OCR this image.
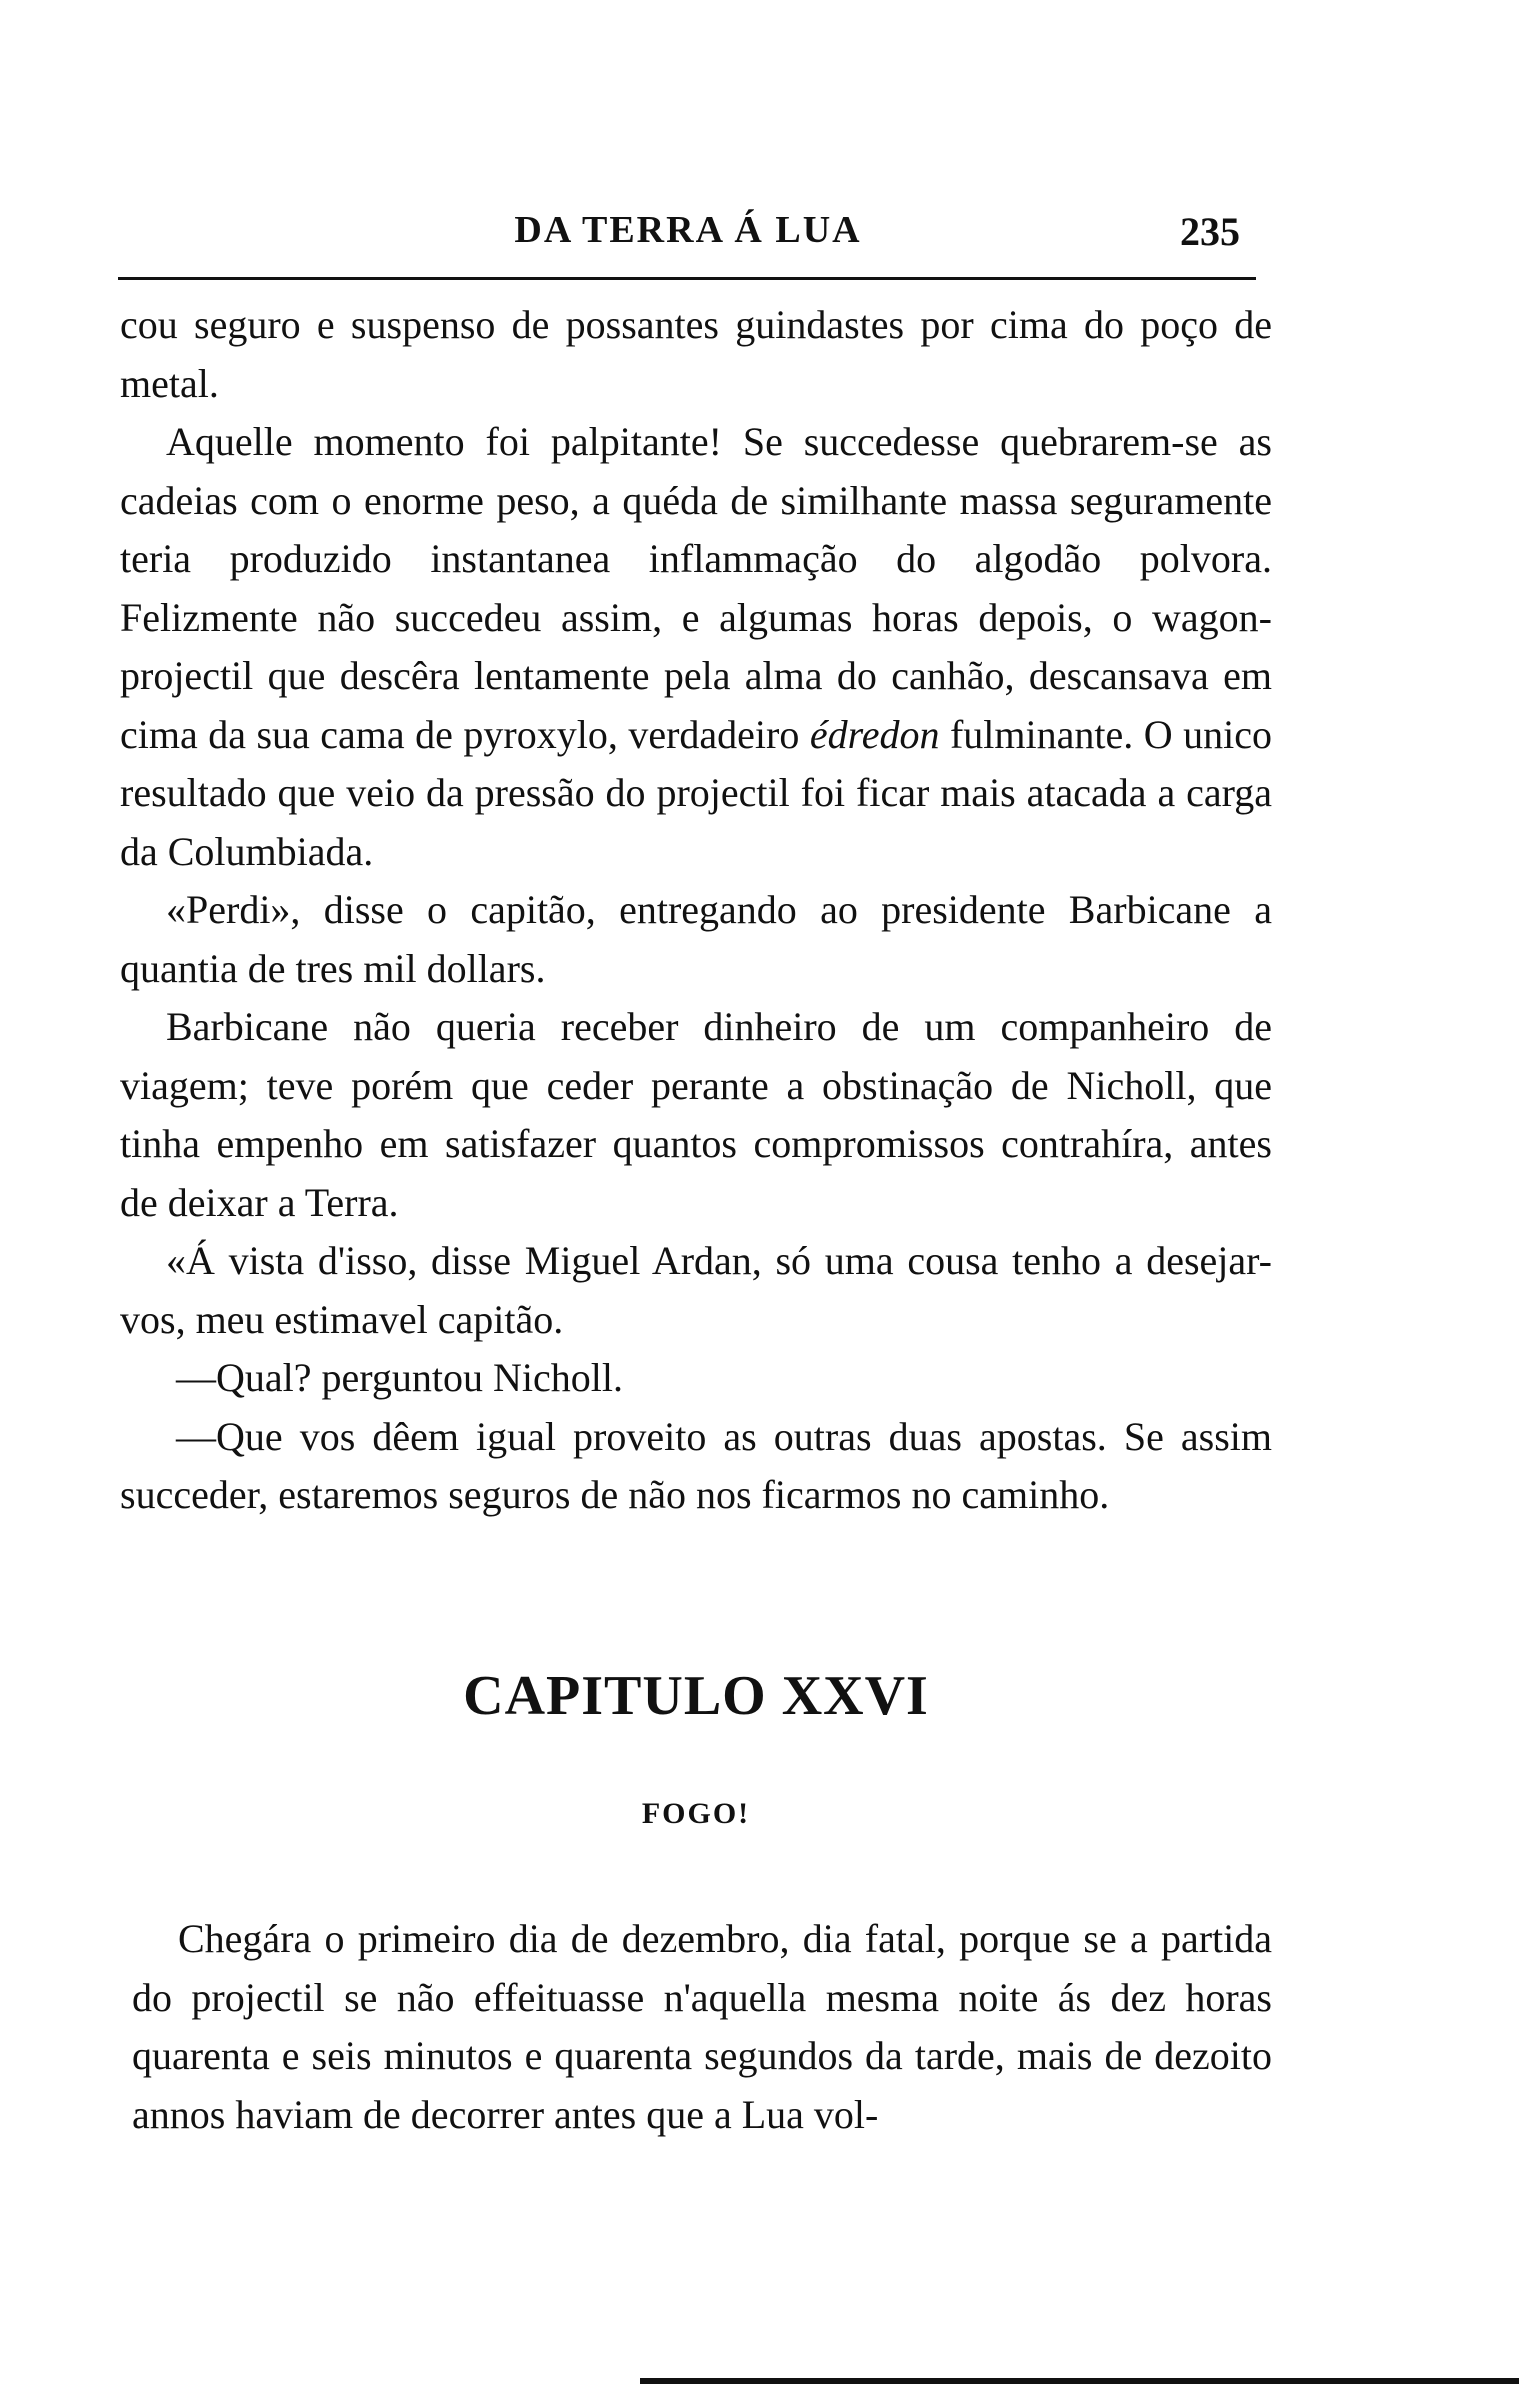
DA TERRA Á LUA	235

cou seguro e suspenso de possantes guindastes por cima do poço de metal.

Aquelle momento foi palpitante! Se succedesse quebrarem-se as cadeias com o enorme peso, a quéda de similhante massa seguramente teria produzido instantanea inflammação do algodão polvora. Felizmente não succedeu assim, e algumas horas depois, o wagon-projectil que descêra lentamente pela alma do canhão, descansava em cima da sua cama de pyroxylo, verdadeiro édredon fulminante. O unico resultado que veio da pressão do projectil foi ficar mais atacada a carga da Columbiada.

«Perdi», disse o capitão, entregando ao presidente Barbicane a quantia de tres mil dollars.

Barbicane não queria receber dinheiro de um companheiro de viagem; teve porém que ceder perante a obstinação de Nicholl, que tinha empenho em satisfazer quantos compromissos contrahíra, antes de deixar a Terra.

«Á vista d'isso, disse Miguel Ardan, só uma cousa tenho a desejar-vos, meu estimavel capitão.

—Qual? perguntou Nicholl.

—Que vos dêem igual proveito as outras duas apostas. Se assim succeder, estaremos seguros de não nos ficarmos no caminho.

CAPITULO XXVI
FOGO!

Chegára o primeiro dia de dezembro, dia fatal, porque se a partida do projectil se não effeituasse n'aquella mesma noite ás dez horas quarenta e seis minutos e quarenta segundos da tarde, mais de dezoito annos haviam de decorrer antes que a Lua vol-
